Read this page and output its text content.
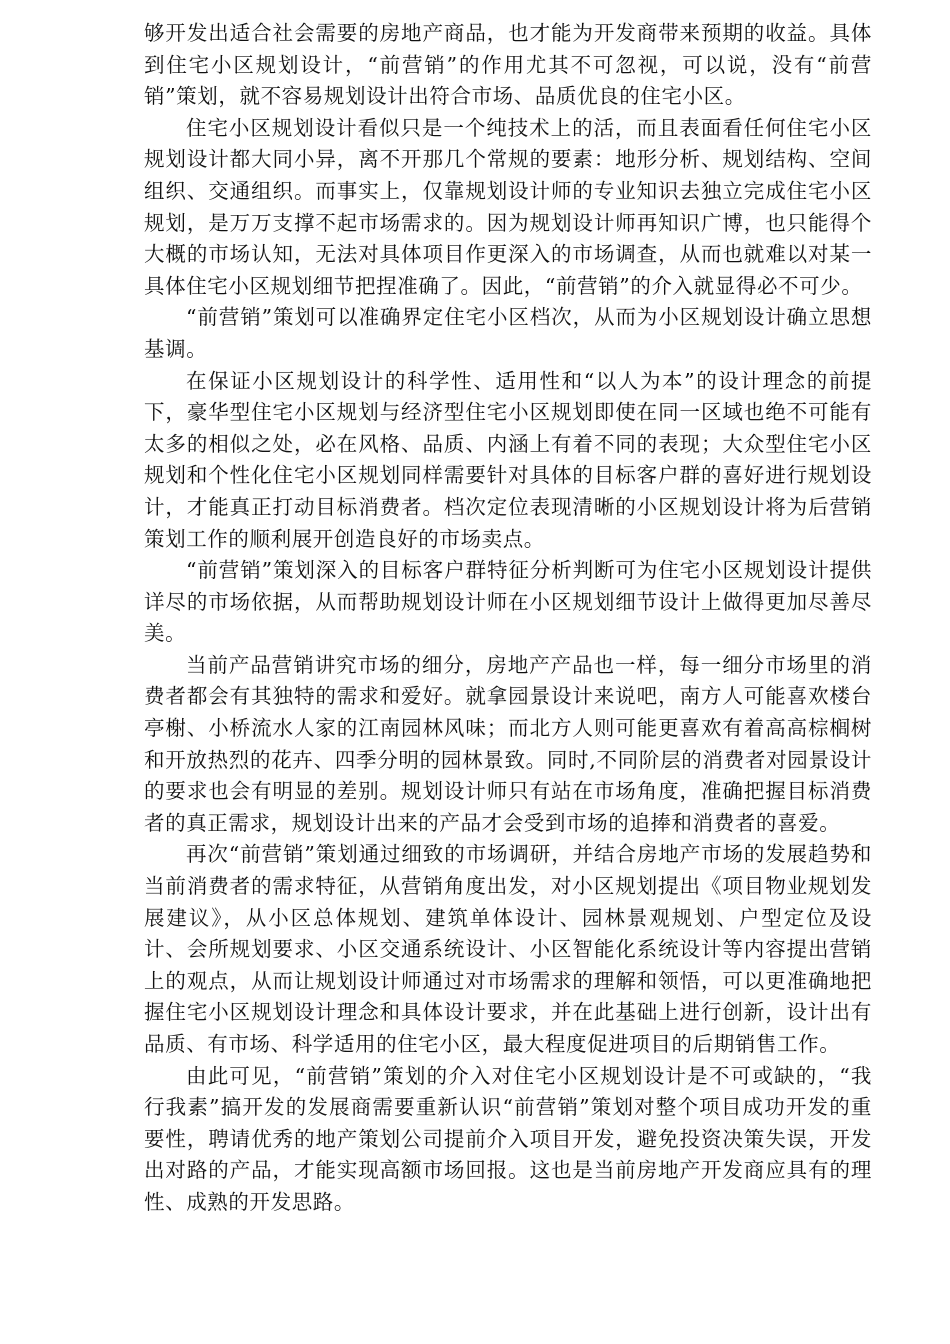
够开发出适合社会需要的房地产商品，也才能为开发商带来预期的收益。具体到住宅小区规划设计，“前营销”的作用尤其不可忽视，可以说，没有“前营销”策划，就不容易规划设计出符合市场、品质优良的住宅小区。

住宅小区规划设计看似只是一个纯技术上的活，而且表面看任何住宅小区规划设计都大同小异，离不开那几个常规的要素：地形分析、规划结构、空间组织、交通组织。而事实上，仅靠规划设计师的专业知识去独立完成住宅小区规划，是万万支撑不起市场需求的。因为规划设计师再知识广博，也只能得个大概的市场认知，无法对具体项目作更深入的市场调查，从而也就难以对某一具体住宅小区规划细节把捏准确了。因此，“前营销”的介入就显得必不可少。

“前营销”策划可以准确界定住宅小区档次，从而为小区规划设计确立思想基调。

在保证小区规划设计的科学性、适用性和“以人为本”的设计理念的前提下，豪华型住宅小区规划与经济型住宅小区规划即使在同一区域也绝不可能有太多的相似之处，必在风格、品质、内涵上有着不同的表现；大众型住宅小区规划和个性化住宅小区规划同样需要针对具体的目标客户群的喜好进行规划设计，才能真正打动目标消费者。档次定位表现清晰的小区规划设计将为后营销策划工作的顺利展开创造良好的市场卖点。

“前营销”策划深入的目标客户群特征分析判断可为住宅小区规划设计提供详尽的市场依据，从而帮助规划设计师在小区规划细节设计上做得更加尽善尽美。

当前产品营销讲究市场的细分，房地产产品也一样，每一细分市场里的消费者都会有其独特的需求和爱好。就拿园景设计来说吧，南方人可能喜欢楼台亭榭、小桥流水人家的江南园林风味；而北方人则可能更喜欢有着高高棕榈树和开放热烈的花卉、四季分明的园林景致。同时,不同阶层的消费者对园景设计的要求也会有明显的差别。规划设计师只有站在市场角度，准确把握目标消费者的真正需求，规划设计出来的产品才会受到市场的追捧和消费者的喜爱。

再次“前营销”策划通过细致的市场调研，并结合房地产市场的发展趋势和当前消费者的需求特征，从营销角度出发，对小区规划提出《项目物业规划发展建议》，从小区总体规划、建筑单体设计、园林景观规划、户型定位及设计、会所规划要求、小区交通系统设计、小区智能化系统设计等内容提出营销上的观点，从而让规划设计师通过对市场需求的理解和领悟，可以更准确地把握住宅小区规划设计理念和具体设计要求，并在此基础上进行创新，设计出有品质、有市场、科学适用的住宅小区，最大程度促进项目的后期销售工作。

由此可见，“前营销”策划的介入对住宅小区规划设计是不可或缺的，“我行我素”搞开发的发展商需要重新认识“前营销”策划对整个项目成功开发的重要性，聘请优秀的地产策划公司提前介入项目开发，避免投资决策失误，开发出对路的产品，才能实现高额市场回报。这也是当前房地产开发商应具有的理性、成熟的开发思路。
